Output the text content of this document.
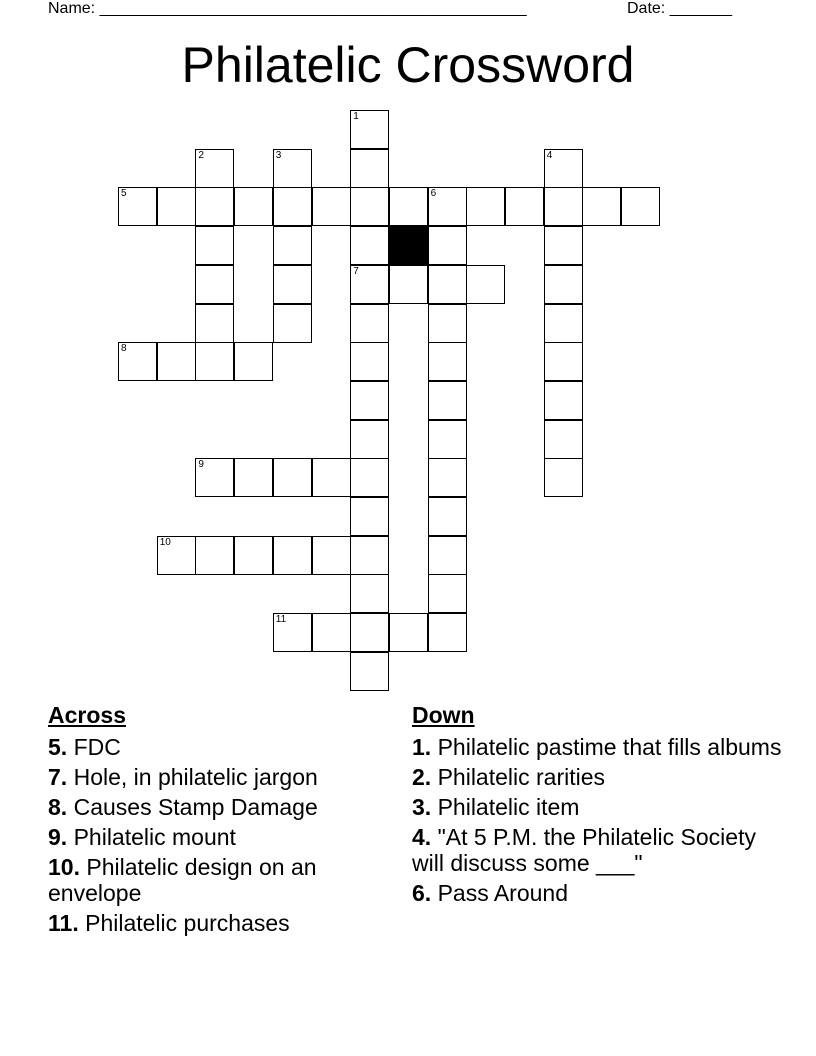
Name: ________________________________________________	Date: _______
Philatelic Crossword
1
2	3	4
5	6
7
8
9
10
11
Across
5. FDC
7. Hole, in philatelic jargon
8. Causes Stamp Damage
9. Philatelic mount
10. Philatelic design on an envelope
11. Philatelic purchases
Down
1. Philatelic pastime that fills albums
2. Philatelic rarities
3. Philatelic item
4. "At 5 P.M. the Philatelic Society will discuss some ___"
6. Pass Around
